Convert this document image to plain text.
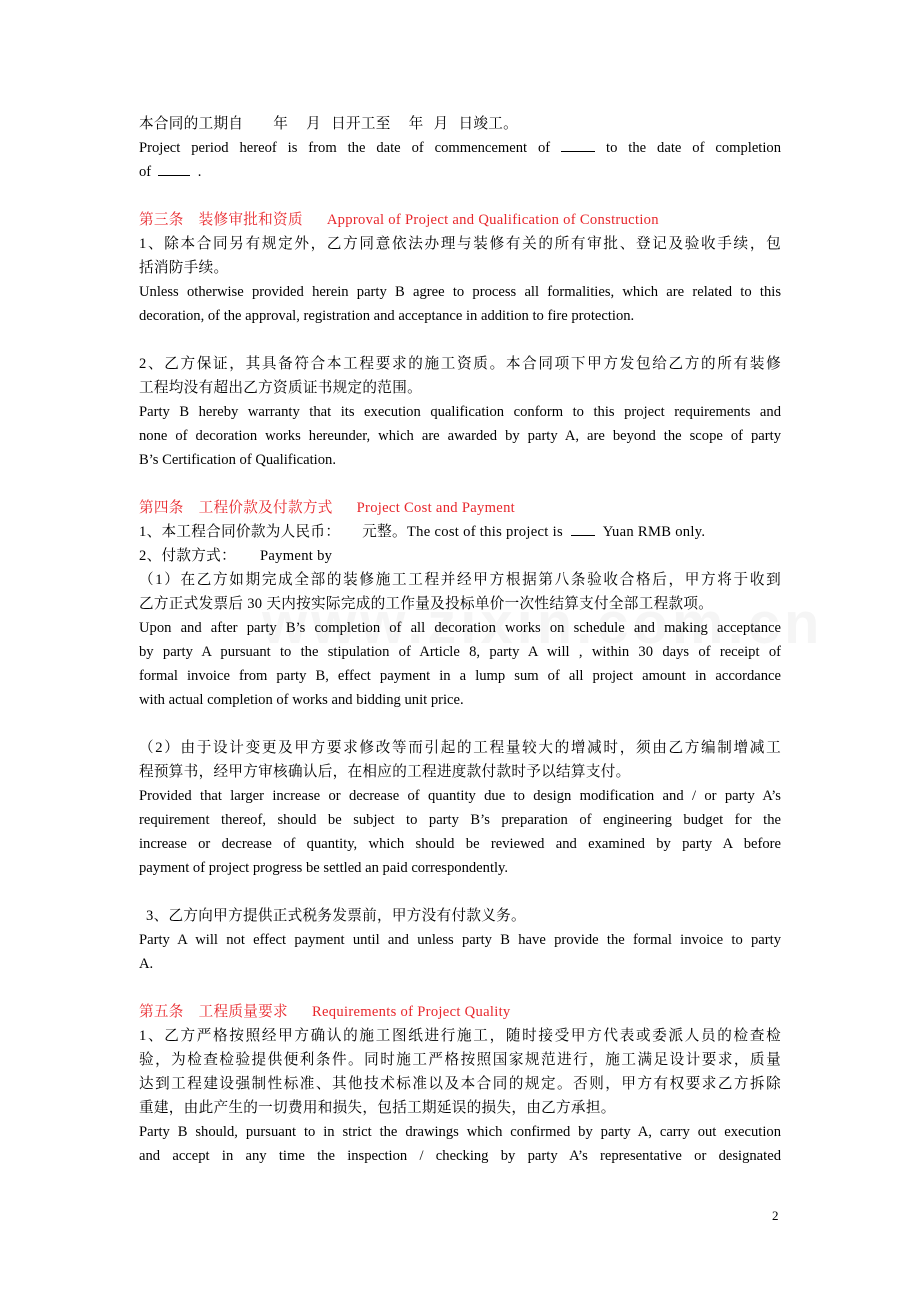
本合同的工期自 年 月 日开工至 年 月 日竣工。
Project period hereof is from the date of commencement of	to the date of completion
of	.
第三条　装修审批和资质 Approval of Project and Qualification of Construction
1、除本合同另有规定外，乙方同意依法办理与装修有关的所有审批、登记及验收手续，包
括消防手续。
Unless otherwise provided herein party B agree to process all formalities, which are related to this
decoration, of the approval, registration and acceptance in addition to fire protection.
2、乙方保证，其具备符合本工程要求的施工资质。本合同项下甲方发包给乙方的所有装修
工程均没有超出乙方资质证书规定的范围。
Party B hereby warranty that its execution qualification conform to this project requirements and
none of decoration works hereunder, which are awarded by party A, are beyond the scope of party
B’s Certification of Qualification.
第四条　工程价款及付款方式 Project Cost and Payment
1、本工程合同价款为人民币： 元整。The cost of this project is	Yuan RMB only.
2、付款方式： Payment by
（1）在乙方如期完成全部的装修施工工程并经甲方根据第八条验收合格后，甲方将于收到
乙方正式发票后 30 天内按实际完成的工作量及投标单价一次性结算支付全部工程款项。
Upon and after party B’s completion of all decoration works on schedule and making acceptance
by party A pursuant to the stipulation of Article 8, party A will , within 30 days of receipt of
formal invoice from party B, effect payment in a lump sum of all project amount in accordance
with actual completion of works and bidding unit price.
（2）由于设计变更及甲方要求修改等而引起的工程量较大的增减时，须由乙方编制增减工
程预算书，经甲方审核确认后，在相应的工程进度款付款时予以结算支付。
Provided that larger increase or decrease of quantity due to design modification and / or party A’s
requirement thereof, should be subject to party B’s preparation of engineering budget for the
increase or decrease of quantity, which should be reviewed and examined by party A before
payment of project progress be settled an paid correspondently.
3、乙方向甲方提供正式税务发票前，甲方没有付款义务。
Party A will not effect payment until and unless party B have provide the formal invoice to party
A.
第五条　工程质量要求 Requirements of Project Quality
1、乙方严格按照经甲方确认的施工图纸进行施工，随时接受甲方代表或委派人员的检查检
验，为检查检验提供便利条件。同时施工严格按照国家规范进行，施工满足设计要求，质量
达到工程建设强制性标准、其他技术标准以及本合同的规定。否则，甲方有权要求乙方拆除
重建，由此产生的一切费用和损失，包括工期延误的损失，由乙方承担。
Party B should, pursuant to in strict the drawings which confirmed by party A, carry out execution
and accept in any time the inspection / checking by party A’s representative or designated
2
